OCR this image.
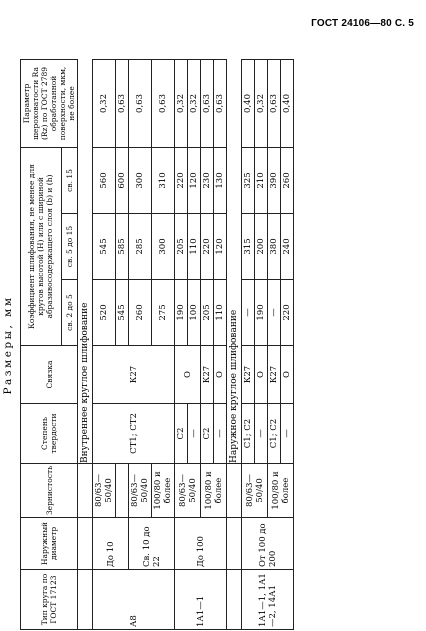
ГОСТ 24106—80 С. 5
Размеры, мм
Тип круга по ГОСТ 17123	Наружный диаметр	Зернистость	Степень твердости	Связка	Коэффициент шлифования, не менее для кругов высотой (H) или с шириной абразивосодержащего слоя (b) и (h)			Параметр шероховатости Ra (Rz) по ГОСТ 2789 обработанной поверхности, мкм, не более
					св. 2 до 5	св. 5 до 15	св. 15	
			Внутреннее круглое шлифование					
А8	До 10	80/63—50/40	СТ1; СТ2	К27	520	545	560	0,32
					545	585	600	0,63
	Св. 10 до 22	80/63—50/40			260	285	300	0,63
		100/80 и более			275	300	310	0,63
1А1—1	До 100	80/63—50/40	С2	О	190	205	220	0,32
			—		100	110	120	0,32
		100/80 и более	С2	К27	205	220	230	0,63
			—	О	110	120	130	0,63
			Наружное круглое шлифование					
1А1—1, 1А1—2, 14А1	От 100 до 200	80/63—50/40	С1; С2	К27	—	315	325	0,40
			—	О	190	200	210	0,32
		100/80 и более	С1; С2	К27	—	380	390	0,63
			—	О	220	240	260	0,40
